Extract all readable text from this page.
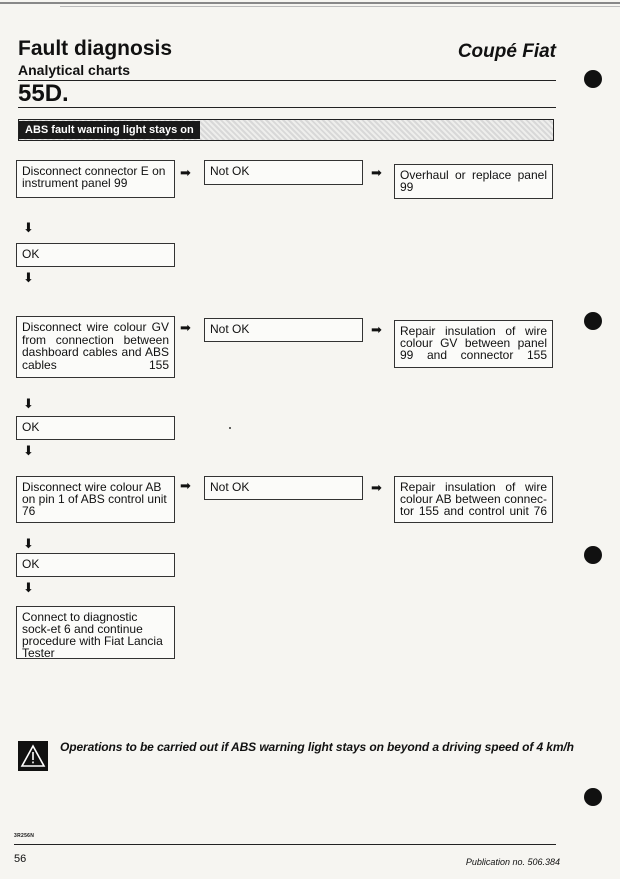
Fault diagnosis
Analytical charts
Coupé Fiat
55D.
ABS fault warning light stays on
Disconnect connector E on instrument panel 99
➡	Not OK	➡	Overhaul or replace panel 99
⬇
OK
⬇
Disconnect wire colour GV from connection between dashboard cables and ABS cables 155
➡	Not OK	➡	Repair insulation of wire colour GV between panel 99 and connector 155
⬇
OK
⬇
Disconnect wire colour AB on pin 1 of ABS control unit 76
➡	Not OK	➡	Repair insulation of wire colour AB between connec-tor 155 and control unit 76
⬇
OK
⬇
Connect to diagnostic sock-et 6 and continue procedure with Fiat Lancia Tester
Operations to be carried out if ABS warning light stays on beyond a driving speed of 4 km/h
3R256N
56	Publication no. 506.384
